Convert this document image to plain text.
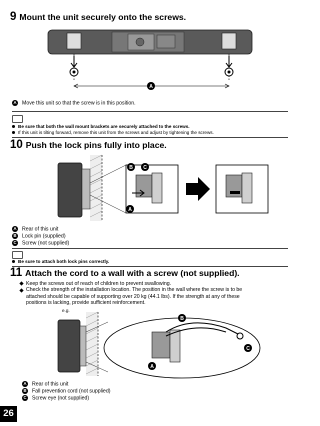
9 Mount the unit securely onto the screws.
A
A Move this unit so that the screw is in this position.
Be sure that both the wall mount brackets are securely attached to the screws.
If this unit is tilting forward, remove this unit from the screws and adjust by tightening the screws.
10 Push the lock pins fully into place.
B C
A
A Rear of this unit
B Lock pin (supplied)
C Screw (not supplied)
Be sure to attach both lock pins correctly.
11 Attach the cord to a wall with a screw (not supplied).
Keep the screws out of reach of children to prevent swallowing.
Check the strength of the installation location. The position in the wall where the screw is to be
attached should be capable of supporting over 20 kg (44.1 lbs). If the strength at any of these
positions is lacking, provide sufficient reinforcement.
e.g.
B
C
A
A Rear of this unit
B Fall prevention cord (not supplied)
C Screw eye (not supplied)
26
